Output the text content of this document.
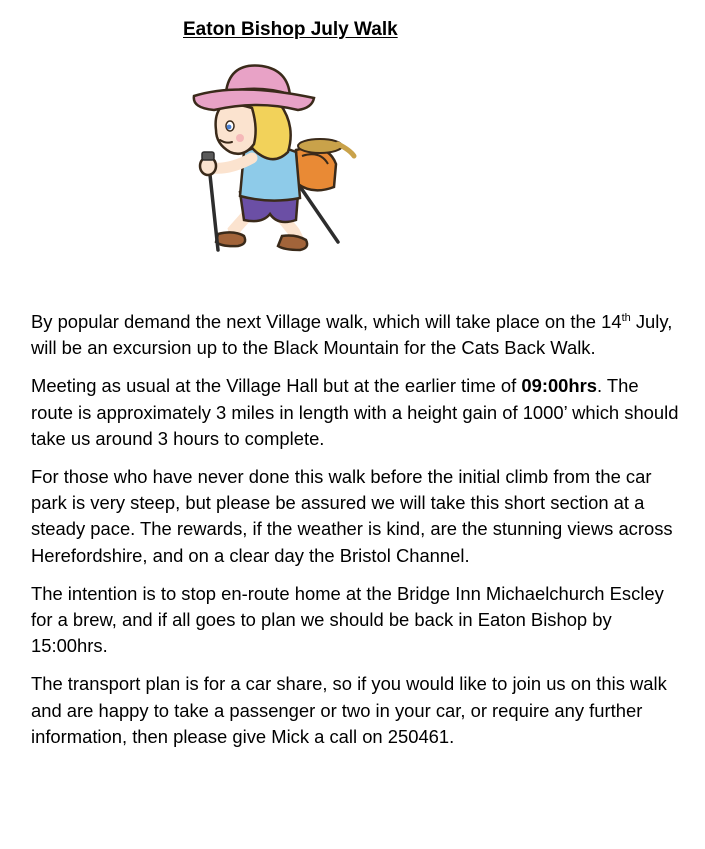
Eaton Bishop July Walk

By popular demand the next Village walk, which will take place on the 14th July, will be an excursion up to the Black Mountain for the Cats Back Walk.

Meeting as usual at the Village Hall but at the earlier time of 09:00hrs. The route is approximately 3 miles in length with a height gain of 1000’ which should take us around 3 hours to complete.

For those who have never done this walk before the initial climb from the car park is very steep, but please be assured we will take this short section at a steady pace. The rewards, if the weather is kind, are the stunning views across Herefordshire, and on a clear day the Bristol Channel.

The intention is to stop en-route home at the Bridge Inn Michaelchurch Escley for a brew, and if all goes to plan we should be back in Eaton Bishop by 15:00hrs.

The transport plan is for a car share, so if you would like to join us on this walk and are happy to take a passenger or two in your car, or require any further information, then please give Mick a call on 250461.
